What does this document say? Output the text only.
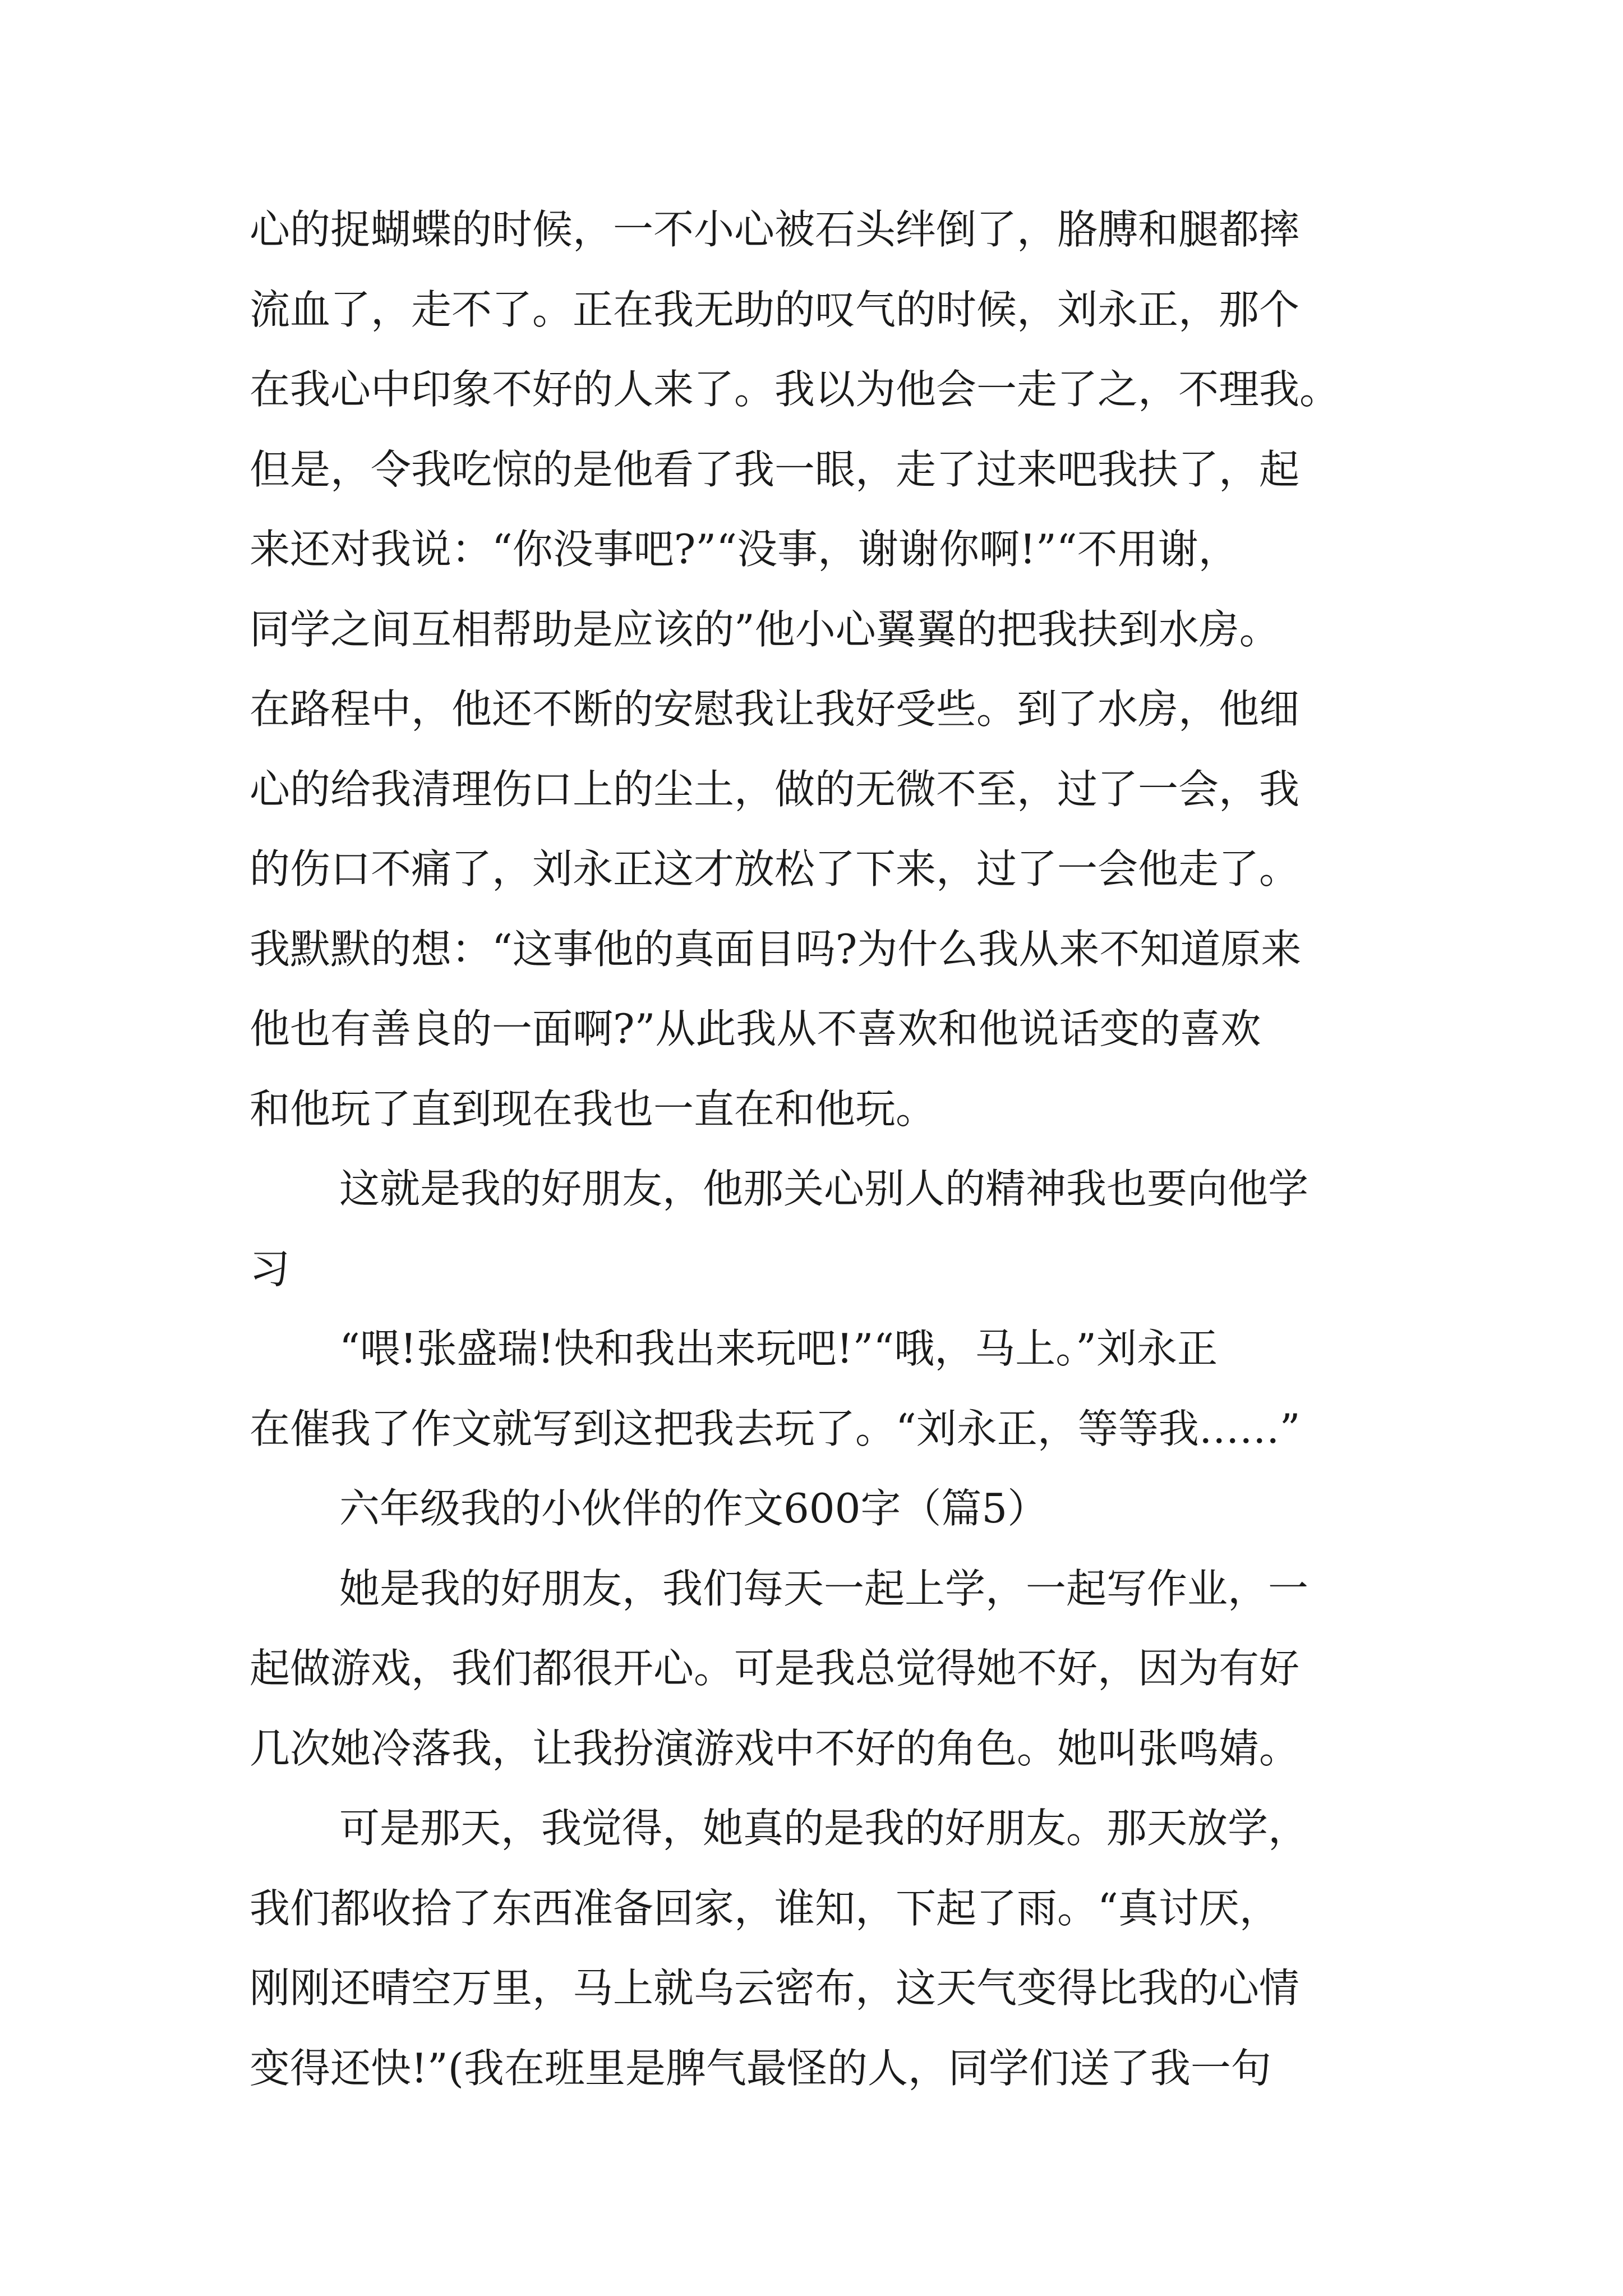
心的捉蝴蝶的时候，一不小心被石头绊倒了，胳膊和腿都摔
流血了，走不了。正在我无助的叹气的时候，刘永正，那个
在我心中印象不好的人来了。我以为他会一走了之，不理我。
但是，令我吃惊的是他看了我一眼，走了过来吧我扶了，起
来还对我说：“你没事吧?”“没事，谢谢你啊!”“不用谢，
同学之间互相帮助是应该的”他小心翼翼的把我扶到水房。
在路程中，他还不断的安慰我让我好受些。到了水房，他细
心的给我清理伤口上的尘土，做的无微不至，过了一会，我
的伤口不痛了，刘永正这才放松了下来，过了一会他走了。
我默默的想：“这事他的真面目吗?为什么我从来不知道原来
他也有善良的一面啊?”从此我从不喜欢和他说话变的喜欢
和他玩了直到现在我也一直在和他玩。
这就是我的好朋友，他那关心别人的精神我也要向他学
习
“喂!张盛瑞!快和我出来玩吧!”“哦，马上。”刘永正
在催我了作文就写到这把我去玩了。“刘永正，等等我……”
六年级我的小伙伴的作文600字（篇5）
她是我的好朋友，我们每天一起上学，一起写作业，一
起做游戏，我们都很开心。可是我总觉得她不好，因为有好
几次她冷落我，让我扮演游戏中不好的角色。她叫张鸣婧。
可是那天，我觉得，她真的是我的好朋友。那天放学，
我们都收拾了东西准备回家，谁知，下起了雨。“真讨厌，
刚刚还晴空万里，马上就乌云密布，这天气变得比我的心情
变得还快!”(我在班里是脾气最怪的人，同学们送了我一句
